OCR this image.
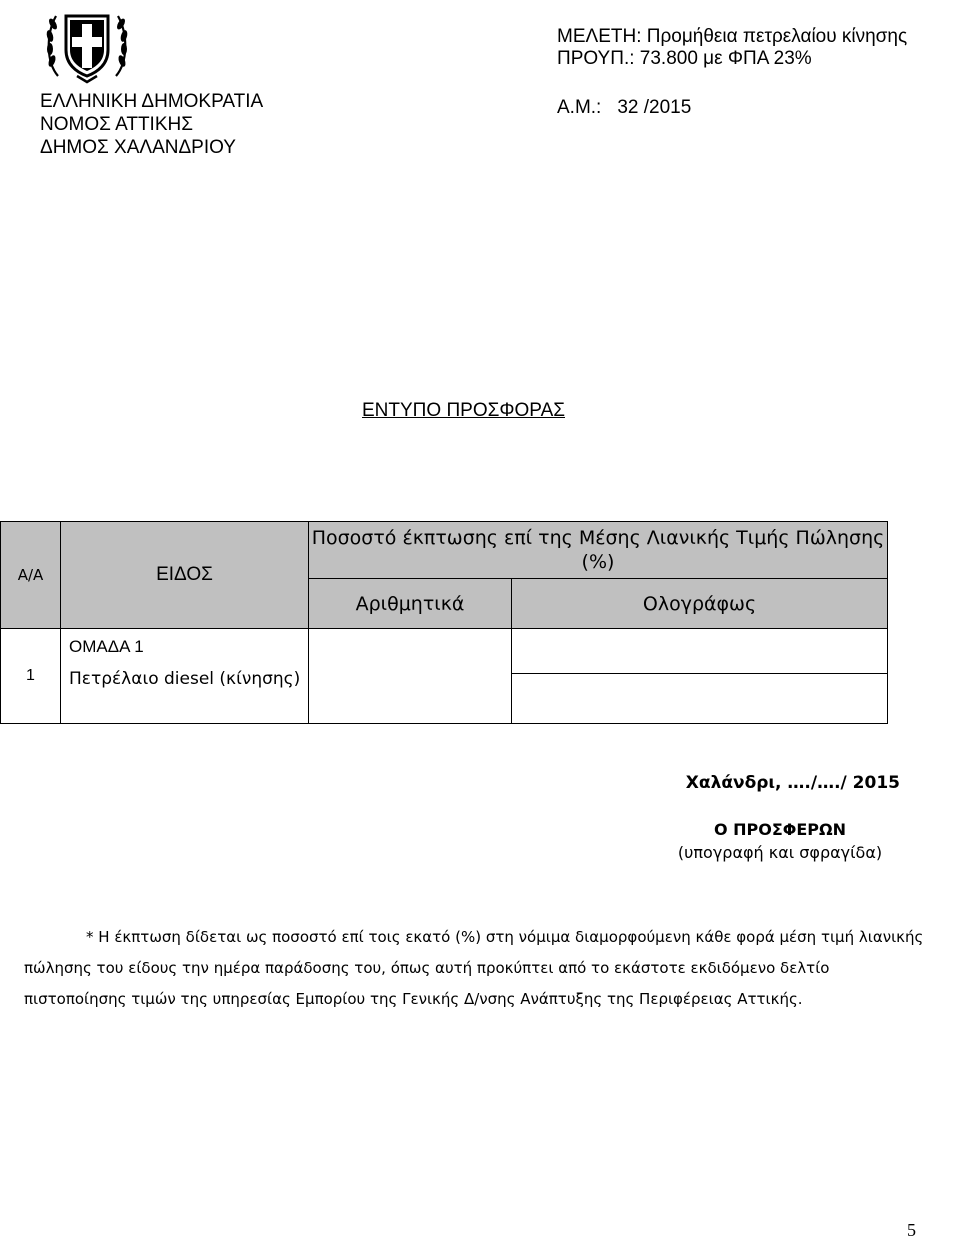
ΕΛΛΗΝΙΚΗ ΔΗΜΟΚΡΑΤΙΑ
ΝΟΜΟΣ ΑΤΤΙΚΗΣ
ΔΗΜΟΣ ΧΑΛΑΝΔΡΙΟΥ
ΜΕΛΕΤΗ: Προμήθεια πετρελαίου κίνησης
ΠΡΟΥΠ.: 73.800 με ΦΠΑ 23%
Α.Μ.: 32 /2015
ΕΝΤΥΠΟ ΠΡΟΣΦΟΡΑΣ
Α/Α	ΕΙΔΟΣ	Ποσοστό έκπτωσης επί της Μέσης Λιανικής Τιμής Πώλησης (%)	
		Αριθμητικά	Ολογράφως
1	ΟΜΑΔΑ 1
Πετρέλαιο diesel (κίνησης)		

Χαλάνδρι, …./…./ 2015
Ο ΠΡΟΣΦΕΡΩΝ
(υπογραφή και σφραγίδα)
* Η έκπτωση δίδεται ως ποσοστό επί τοις εκατό (%) στη νόμιμα διαμορφούμενη κάθε φορά μέση τιμή λιανικής πώλησης του είδους την ημέρα παράδοσης του, όπως αυτή προκύπτει από το εκάστοτε εκδιδόμενο δελτίο πιστοποίησης τιμών της υπηρεσίας Εμπορίου της Γενικής Δ/νσης Ανάπτυξης της Περιφέρειας Αττικής.
5
